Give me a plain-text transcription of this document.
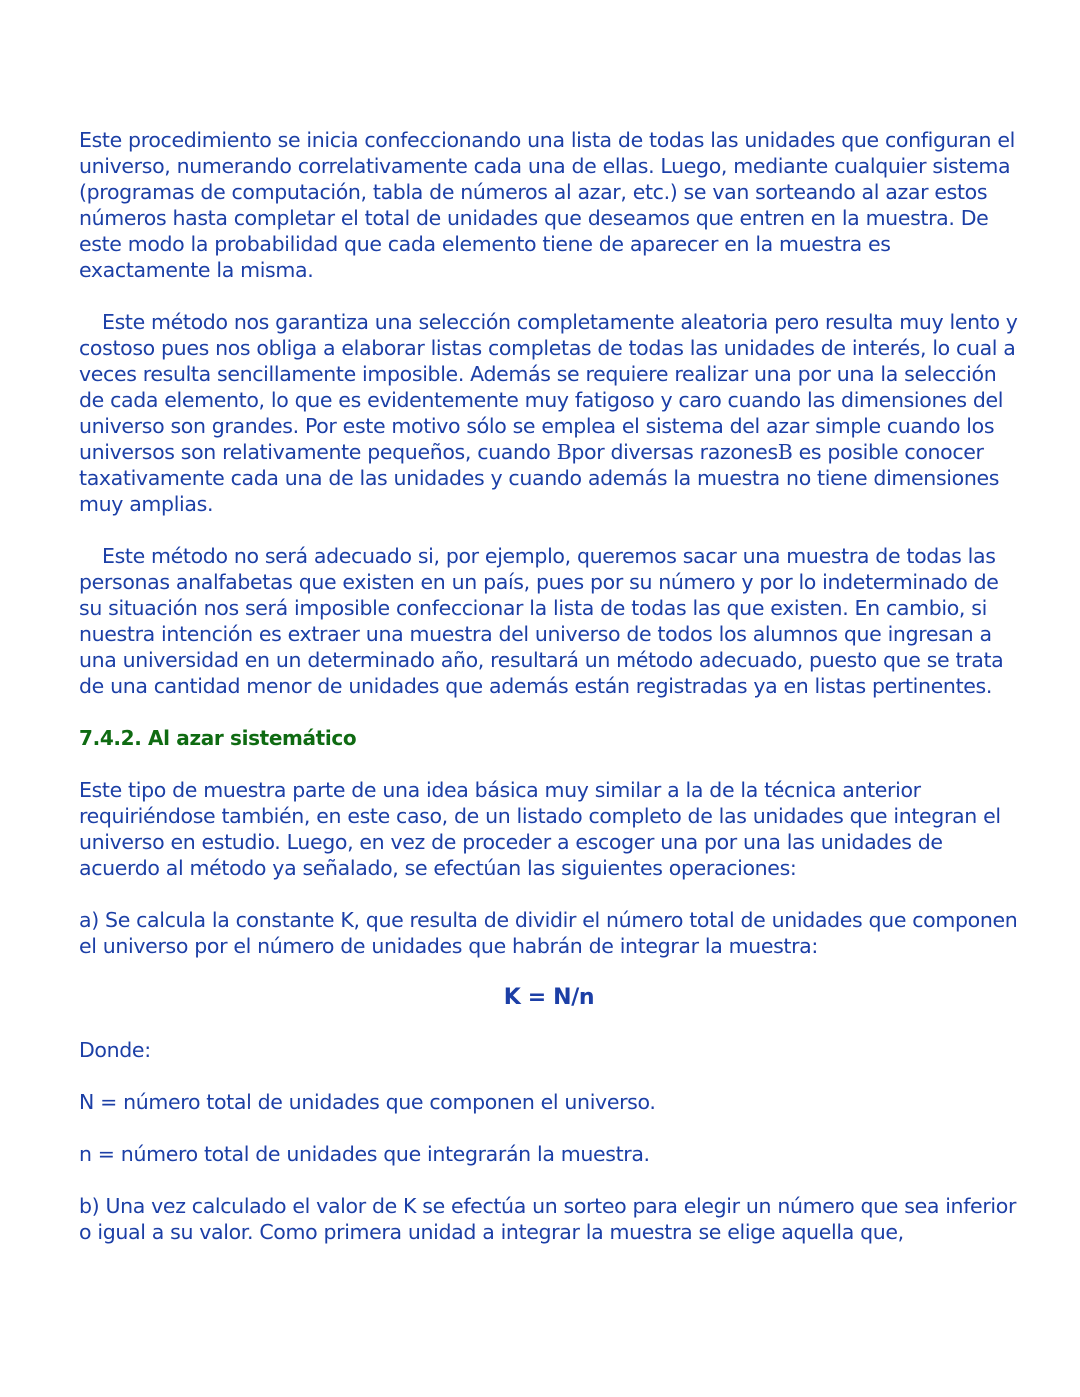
Este procedimiento se inicia confeccionando una lista de todas las unidades que configuran el universo, numerando correlativamente cada una de ellas. Luego, mediante cualquier sistema (programas de computación, tabla de números al azar, etc.) se van sorteando al azar estos números hasta completar el total de unidades que deseamos que entren en la muestra. De este modo la probabilidad que cada elemento tiene de aparecer en la muestra es exactamente la misma.

Este método nos garantiza una selección completamente aleatoria pero resulta muy lento y costoso pues nos obliga a elaborar listas completas de todas las unidades de interés, lo cual a veces resulta sencillamente imposible. Además se requiere realizar una por una la selección de cada elemento, lo que es evidentemente muy fatigoso y caro cuando las dimensiones del universo son grandes. Por este motivo sólo se emplea el sistema del azar simple cuando los universos son relativamente pequeños, cuando Bpor diversas razonesB es posible conocer taxativamente cada una de las unidades y cuando además la muestra no tiene dimensiones muy amplias.

Este método no será adecuado si, por ejemplo, queremos sacar una muestra de todas las personas analfabetas que existen en un país, pues por su número y por lo indeterminado de su situación nos será imposible confeccionar la lista de todas las que existen. En cambio, si nuestra intención es extraer una muestra del universo de todos los alumnos que ingresan a una universidad en un determinado año, resultará un método adecuado, puesto que se trata de una cantidad menor de unidades que además están registradas ya en listas pertinentes.

7.4.2. Al azar sistemático

Este tipo de muestra parte de una idea básica muy similar a la de la técnica anterior requiriéndose también, en este caso, de un listado completo de las unidades que integran el universo en estudio. Luego, en vez de proceder a escoger una por una las unidades de acuerdo al método ya señalado, se efectúan las siguientes operaciones:

a) Se calcula la constante K, que resulta de dividir el número total de unidades que componen el universo por el número de unidades que habrán de integrar la muestra:

K = N/n

Donde:

N = número total de unidades que componen el universo.

n = número total de unidades que integrarán la muestra.

b) Una vez calculado el valor de K se efectúa un sorteo para elegir un número que sea inferior o igual a su valor. Como primera unidad a integrar la muestra se elige aquella que,
